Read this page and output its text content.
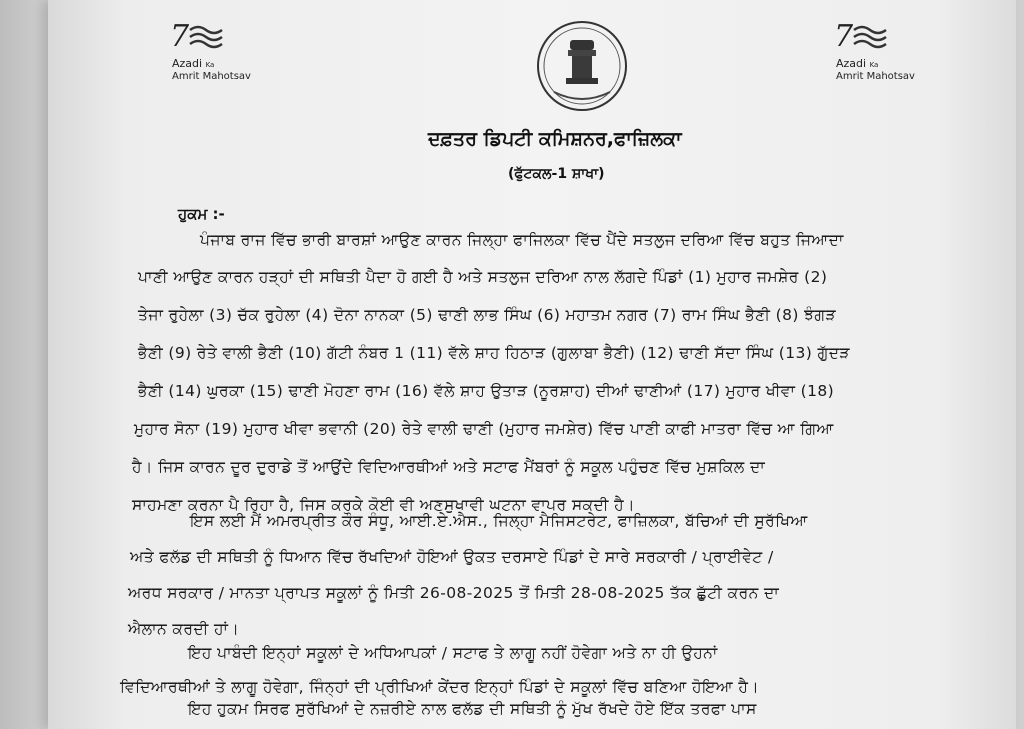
7
Azadi Ka
Amrit Mahotsav
7
Azadi Ka
Amrit Mahotsav
ਦਫ਼ਤਰ ਡਿਪਟੀ ਕਮਿਸ਼ਨਰ,ਫਾਜ਼ਿਲਕਾ
(ਫੁੱਟਕਲ-1 ਸ਼ਾਖਾ)
ਹੁਕਮ :-
ਪੰਜਾਬ ਰਾਜ ਵਿੱਚ ਭਾਰੀ ਬਾਰਸ਼ਾਂ ਆਉਣ ਕਾਰਨ ਜਿਲ੍ਹਾ ਫਾਜਿਲਕਾ ਵਿੱਚ ਪੈਂਦੇ ਸਤਲੁਜ ਦਰਿਆ ਵਿੱਚ ਬਹੁਤ ਜਿਆਦਾ
ਪਾਣੀ ਆਉਣ ਕਾਰਨ ਹੜ੍ਹਾਂ ਦੀ ਸਥਿਤੀ ਪੈਦਾ ਹੋ ਗਈ ਹੈ ਅਤੇ ਸਤਲੁਜ ਦਰਿਆ ਨਾਲ ਲੱਗਦੇ ਪਿੰਡਾਂ (1) ਮੁਹਾਰ ਜਮਸ਼ੇਰ (2)
ਤੇਜਾ ਰੁਹੇਲਾ (3) ਚੱਕ ਰੁਹੇਲਾ (4) ਦੋਨਾ ਨਾਨਕਾ (5) ਢਾਣੀ ਲਾਭ ਸਿੰਘ (6) ਮਹਾਤਮ ਨਗਰ (7) ਰਾਮ ਸਿੰਘ ਭੈਣੀ (8) ਝੰਗੜ
ਭੈਣੀ (9) ਰੇਤੇ ਵਾਲੀ ਭੈਣੀ (10) ਗੱਟੀ ਨੰਬਰ 1 (11) ਵੱਲੇ ਸ਼ਾਹ ਹਿਠਾੜ (ਗੁਲਾਬਾ ਭੈਣੀ) (12) ਢਾਣੀ ਸੱਦਾ ਸਿੰਘ (13) ਗੁੱਦੜ
ਭੈਣੀ (14) ਘੁਰਕਾ (15) ਢਾਣੀ ਮੋਹਣਾ ਰਾਮ (16) ਵੱਲੇ ਸ਼ਾਹ ਉਤਾੜ (ਨੂਰਸ਼ਾਹ) ਦੀਆਂ ਢਾਣੀਆਂ (17) ਮੁਹਾਰ ਖੀਵਾ (18)
ਮੁਹਾਰ ਸੋਨਾ (19) ਮੁਹਾਰ ਖੀਵਾ ਭਵਾਨੀ (20) ਰੇਤੇ ਵਾਲੀ ਢਾਣੀ (ਮੁਹਾਰ ਜਮਸ਼ੇਰ) ਵਿੱਚ ਪਾਣੀ ਕਾਫੀ ਮਾਤਰਾ ਵਿੱਚ ਆ ਗਿਆ
ਹੈ। ਜਿਸ ਕਾਰਨ ਦੂਰ ਦੁਰਾਡੇ ਤੋਂ ਆਉਂਦੇ ਵਿਦਿਆਰਥੀਆਂ ਅਤੇ ਸਟਾਫ ਮੈਂਬਰਾਂ ਨੂੰ ਸਕੂਲ ਪਹੁੰਚਣ ਵਿੱਚ ਮੁਸ਼ਕਿਲ ਦਾ
ਸਾਹਮਣਾ ਕਰਨਾ ਪੈ ਰਿਹਾ ਹੈ, ਜਿਸ ਕਰਕੇ ਕੋਈ ਵੀ ਅਣਸੁਖਾਵੀ ਘਟਨਾ ਵਾਪਰ ਸਕਦੀ ਹੈ।
ਇਸ ਲਈ ਮੈਂ ਅਮਰਪ੍ਰੀਤ ਕੌਰ ਸੰਧੂ, ਆਈ.ਏ.ਐਸ., ਜਿਲ੍ਹਾ ਮੈਜਿਸਟਰੇਟ, ਫਾਜ਼ਿਲਕਾ, ਬੱਚਿਆਂ ਦੀ ਸੁਰੱਖਿਆ
ਅਤੇ ਫਲੱਡ ਦੀ ਸਥਿਤੀ ਨੂੰ ਧਿਆਨ ਵਿੱਚ ਰੱਖਦਿਆਂ ਹੋਇਆਂ ਉਕਤ ਦਰਸਾਏ ਪਿੰਡਾਂ ਦੇ ਸਾਰੇ ਸਰਕਾਰੀ / ਪ੍ਰਾਈਵੇਟ /
ਅਰਧ ਸਰਕਾਰ / ਮਾਨਤਾ ਪ੍ਰਾਪਤ ਸਕੂਲਾਂ ਨੂੰ ਮਿਤੀ 26-08-2025 ਤੋਂ ਮਿਤੀ 28-08-2025 ਤੱਕ ਛੁੱਟੀ ਕਰਨ ਦਾ
ਐਲਾਨ ਕਰਦੀ ਹਾਂ।
ਇਹ ਪਾਬੰਦੀ ਇਨ੍ਹਾਂ ਸਕੂਲਾਂ ਦੇ ਅਧਿਆਪਕਾਂ / ਸਟਾਫ ਤੇ ਲਾਗੂ ਨਹੀਂ ਹੋਵੇਗਾ ਅਤੇ ਨਾ ਹੀ ਉਹਨਾਂ
ਵਿਦਿਆਰਥੀਆਂ ਤੇ ਲਾਗੂ ਹੋਵੇਗਾ, ਜਿੰਨ੍ਹਾਂ ਦੀ ਪ੍ਰੀਖਿਆਂ ਕੇਂਦਰ ਇਨ੍ਹਾਂ ਪਿੰਡਾਂ ਦੇ ਸਕੂਲਾਂ ਵਿੱਚ ਬਣਿਆ ਹੋਇਆ ਹੈ।
ਇਹ ਹੁਕਮ ਸਿਰਫ ਸੁਰੱਖਿਆਂ ਦੇ ਨਜ਼ਰੀਏ ਨਾਲ ਫਲੱਡ ਦੀ ਸਥਿਤੀ ਨੂੰ ਮੁੱਖ ਰੱਖਦੇ ਹੋਏ ਇੱਕ ਤਰਫਾ ਪਾਸ
